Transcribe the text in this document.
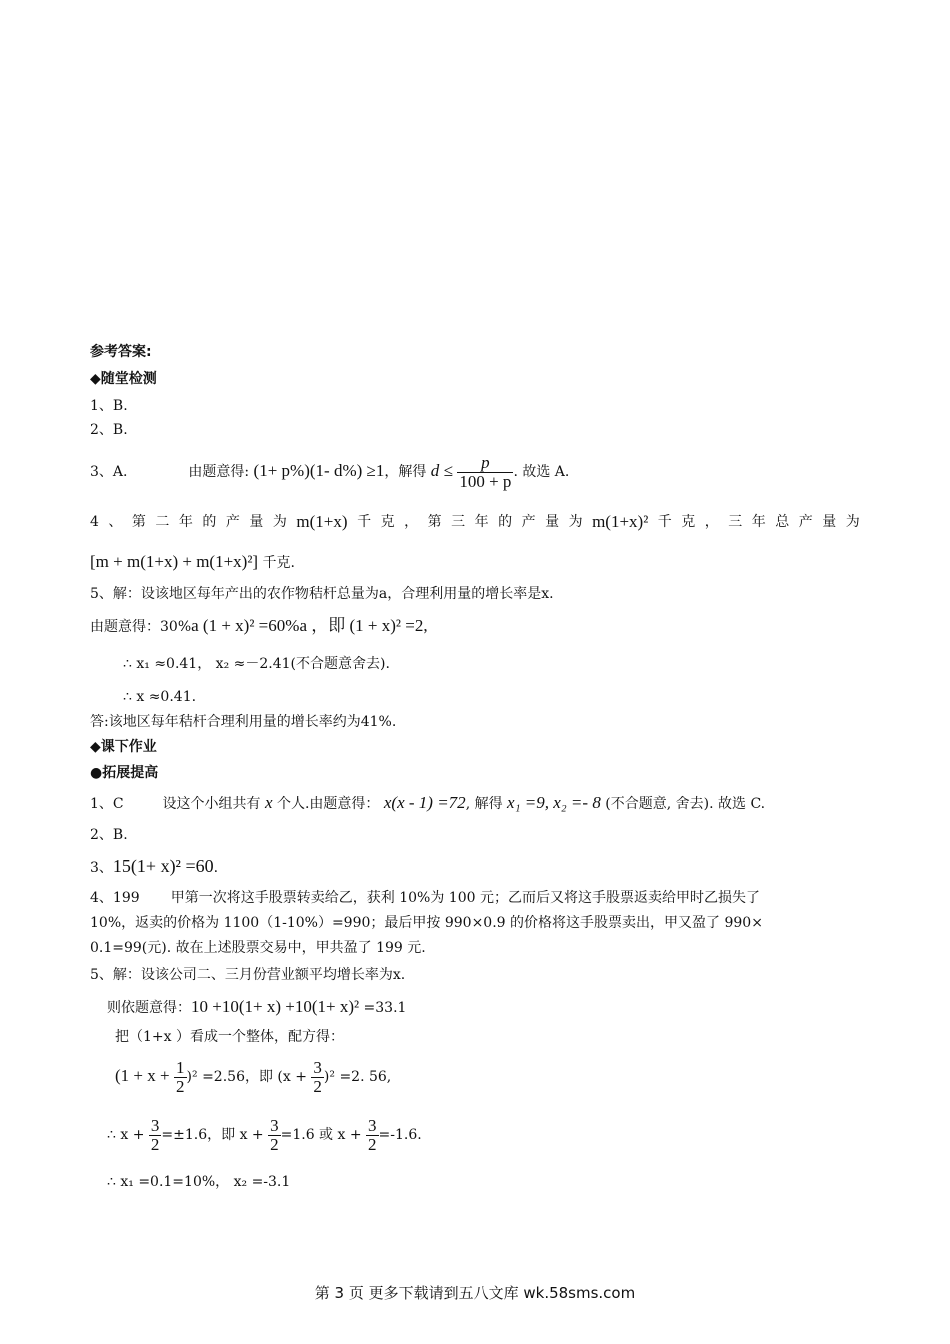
参考答案:
◆随堂检测
1、B.
2、B.
3、A.	由题意得: (1+ p%)(1- d%) ≥1，解得 $d \le \frac{p}{100 + p}$ . 故选 A.
4 、 第 二 年 的 产 量 为 m(1+x) 千 克 ， 第 三 年 的 产 量 为 m(1+x)² 千 克 ， 三 年 总 产 量 为
[m + m(1+x) + m(1+x)²] 千克.
5、解：设该地区每年产出的农作物秸杆总量为a，合理利用量的增长率是x.
由题意得：30%a (1 + x)² =60%a ，即 (1 + x)² =2,
∴ x₁ ≈0.41， x₂ ≈－2.41(不合题意舍去).
∴ x ≈0.41.
答:该地区每年秸杆合理利用量的增长率约为41%.
◆课下作业
●拓展提高
1、C	设这个小组共有 x 个人.由题意得： x(x - 1) =72, 解得 x₁ =9, x₂ =- 8 (不合题意, 舍去). 故选 C.
2、B.
3、15(1+ x)² =60.
4、199       甲第一次将这手股票转卖给乙，获利 10%为 100 元；乙而后又将这手股票返卖给甲时乙损失了
10%，返卖的价格为 1100（1-10%）=990；最后甲按 990×0.9 的价格将这手股票卖出，甲又盈了 990×
0.1=99(元). 故在上述股票交易中，甲共盈了 199 元.
5、解：设该公司二、三月份营业额平均增长率为x.
则依题意得：10 +10(1+ x) +10(1+ x)² =33.1
把（1+x ）看成一个整体，配方得：
$(1 + x + \frac{1}{2} )^2 =2.56$，即 $(x + \frac{3}{2} )^2 =2$. 56,
∴ $x + \frac{3}{2} =\pm 1.6$，即 $x + \frac{3}{2} =1.6$ 或 $x + \frac{3}{2} =-1.6$.
∴ x₁ =0.1=10%， x₂ =-3.1
第 3 页 更多下载请到五八文库 wk.58sms.com
